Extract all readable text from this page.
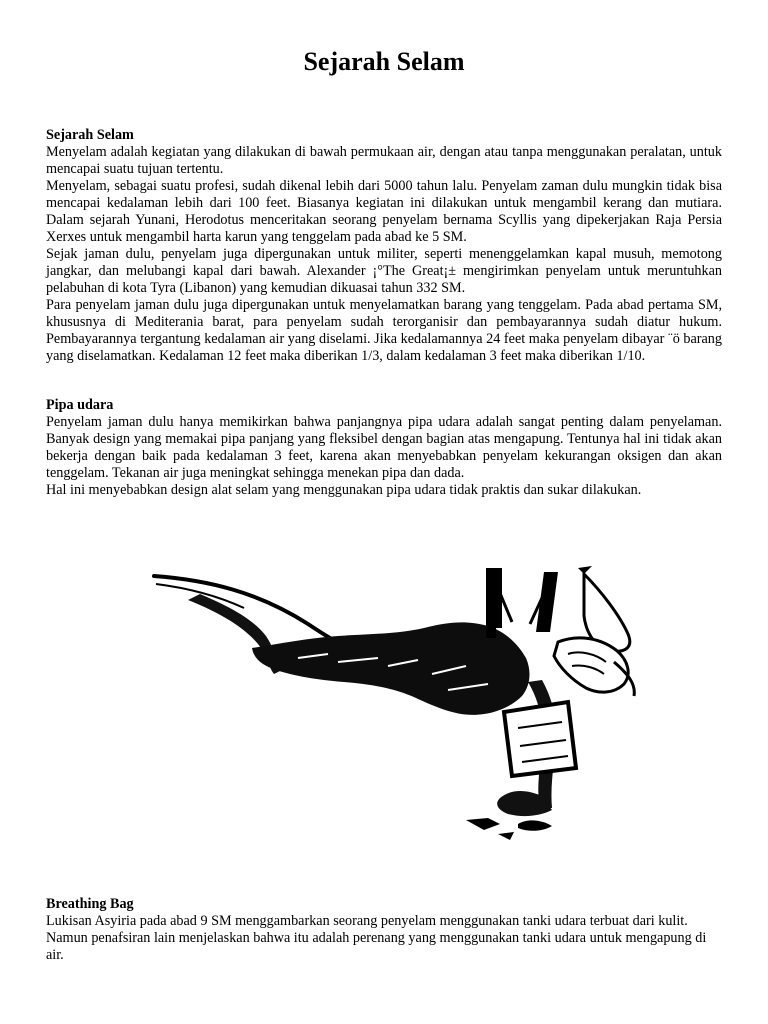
Sejarah Selam
Sejarah Selam

Menyelam adalah kegiatan yang dilakukan di bawah permukaan air, dengan atau tanpa menggunakan peralatan, untuk mencapai suatu tujuan tertentu.

Menyelam, sebagai suatu profesi, sudah dikenal lebih dari 5000 tahun lalu. Penyelam zaman dulu mungkin tidak bisa mencapai kedalaman lebih dari 100 feet. Biasanya kegiatan ini dilakukan untuk mengambil kerang dan mutiara. Dalam sejarah Yunani, Herodotus menceritakan seorang penyelam bernama Scyllis yang dipekerjakan Raja Persia Xerxes untuk mengambil harta karun yang tenggelam pada abad ke 5 SM.

Sejak jaman dulu, penyelam juga dipergunakan untuk militer, seperti menenggelamkan kapal musuh, memotong jangkar, dan melubangi kapal dari bawah. Alexander ¡°The Great¡± mengirimkan penyelam untuk meruntuhkan pelabuhan di kota Tyra (Libanon) yang kemudian dikuasai tahun 332 SM.

Para penyelam jaman dulu juga dipergunakan untuk menyelamatkan barang yang tenggelam. Pada abad pertama SM, khususnya di Mediterania barat, para penyelam sudah terorganisir dan pembayarannya sudah diatur hukum. Pembayarannya tergantung kedalaman air yang diselami. Jika kedalamannya 24 feet maka penyelam dibayar ¨ö barang yang diselamatkan. Kedalaman 12 feet maka diberikan 1/3, dalam kedalaman 3 feet maka diberikan 1/10.

Pipa udara

Penyelam jaman dulu hanya memikirkan bahwa panjangnya pipa udara adalah sangat penting dalam penyelaman. Banyak design yang memakai pipa panjang yang fleksibel dengan bagian atas mengapung. Tentunya hal ini tidak akan bekerja dengan baik pada kedalaman 3 feet, karena akan menyebabkan penyelam kekurangan oksigen dan akan tenggelam. Tekanan air juga meningkat sehingga menekan pipa dan dada.

Hal ini menyebabkan design alat selam yang menggunakan pipa udara tidak praktis dan sukar dilakukan.

Breathing Bag

Lukisan Asyiria pada abad 9 SM menggambarkan seorang penyelam menggunakan tanki udara terbuat dari kulit. Namun penafsiran lain menjelaskan bahwa itu adalah perenang yang menggunakan tanki udara untuk mengapung di air.
